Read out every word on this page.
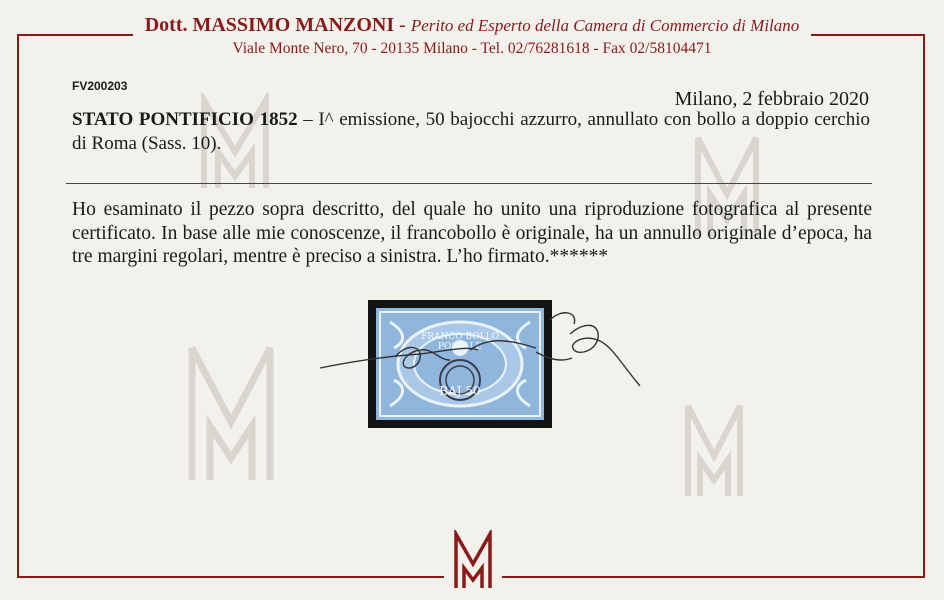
Dott. MASSIMO MANZONI - Perito ed Esperto della Camera di Commercio di Milano
Viale Monte Nero, 70 - 20135 Milano - Tel. 02/76281618 - Fax 02/58104471
FV200203
Milano, 2 febbraio 2020
STATO PONTIFICIO 1852 – I^ emissione, 50 bajocchi azzurro, annullato con bollo a doppio cerchio di Roma (Sass. 10).
Ho esaminato il pezzo sopra descritto, del quale ho unito una riproduzione fotografica al presente certificato. In base alle mie conoscenze, il francobollo è originale, ha un annullo originale d’epoca, ha tre margini regolari, mentre è preciso a sinistra. L’ho firmato.******
FRANCO BOLLO POSTALE
BAJ 50
